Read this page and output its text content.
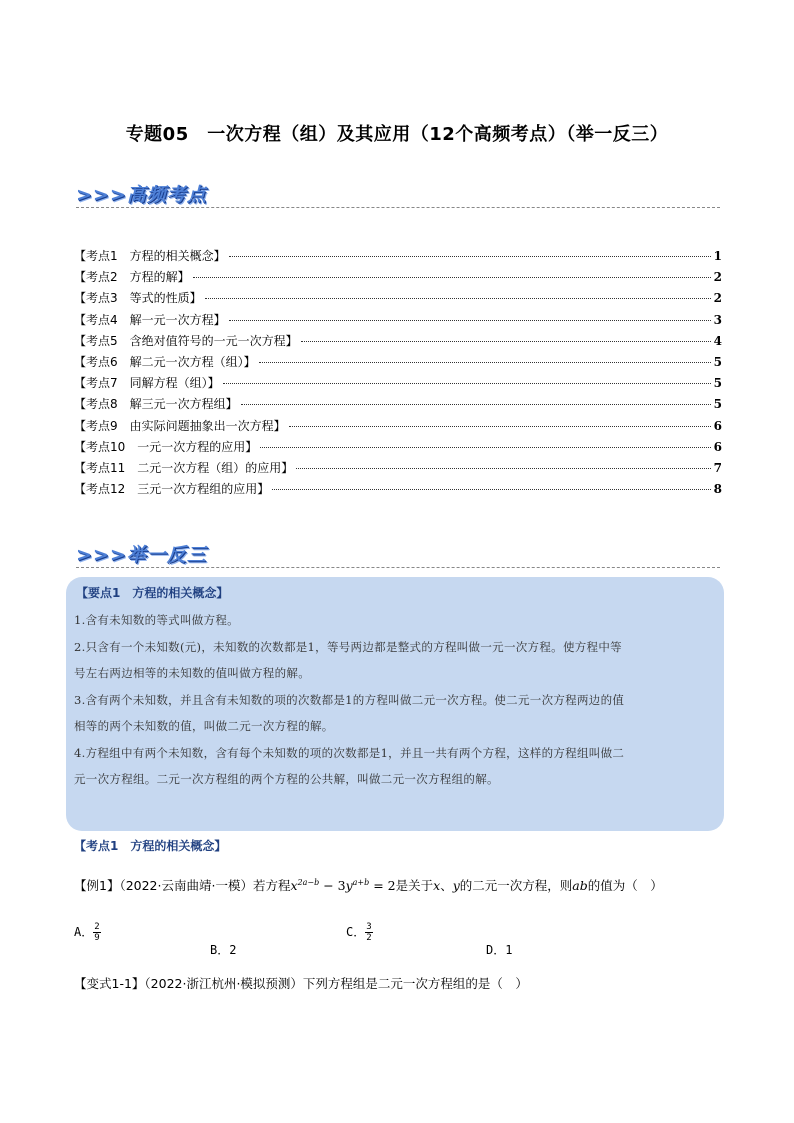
专题05　一次方程（组）及其应用（12个高频考点）（举一反三）
>>>高频考点
【考点1　方程的相关概念】	1
【考点2　方程的解】	2
【考点3　等式的性质】	2
【考点4　解一元一次方程】	3
【考点5　含绝对值符号的一元一次方程】	4
【考点6　解二元一次方程（组）】	5
【考点7　同解方程（组）】	5
【考点8　解三元一次方程组】	5
【考点9　由实际问题抽象出一次方程】	6
【考点10　一元一次方程的应用】	6
【考点11　二元一次方程（组）的应用】	7
【考点12　三元一次方程组的应用】	8
>>>举一反三
【要点1　方程的相关概念】
1.含有未知数的等式叫做方程。
2.只含有一个未知数(元)，未知数的次数都是1，等号两边都是整式的方程叫做一元一次方程。使方程中等
号左右两边相等的未知数的值叫做方程的解。
3.含有两个未知数，并且含有未知数的项的次数都是1的方程叫做二元一次方程。使二元一次方程两边的值
相等的两个未知数的值，叫做二元一次方程的解。
4.方程组中有两个未知数，含有每个未知数的项的次数都是1，并且一共有两个方程，这样的方程组叫做二
元一次方程组。二元一次方程组的两个方程的公共解，叫做二元一次方程组的解。
【考点1　方程的相关概念】
【例1】（2022·云南曲靖·一模）若方程$x^{2a-b} - 3y^{a+b} = 2$是关于x、y的二元一次方程，则ab的值为（　）
A． $\frac{2}{9}$
B．2
C． $\frac{3}{2}$
D．1
【变式1-1】（2022·浙江杭州·模拟预测）下列方程组是二元一次方程组的是（　）
